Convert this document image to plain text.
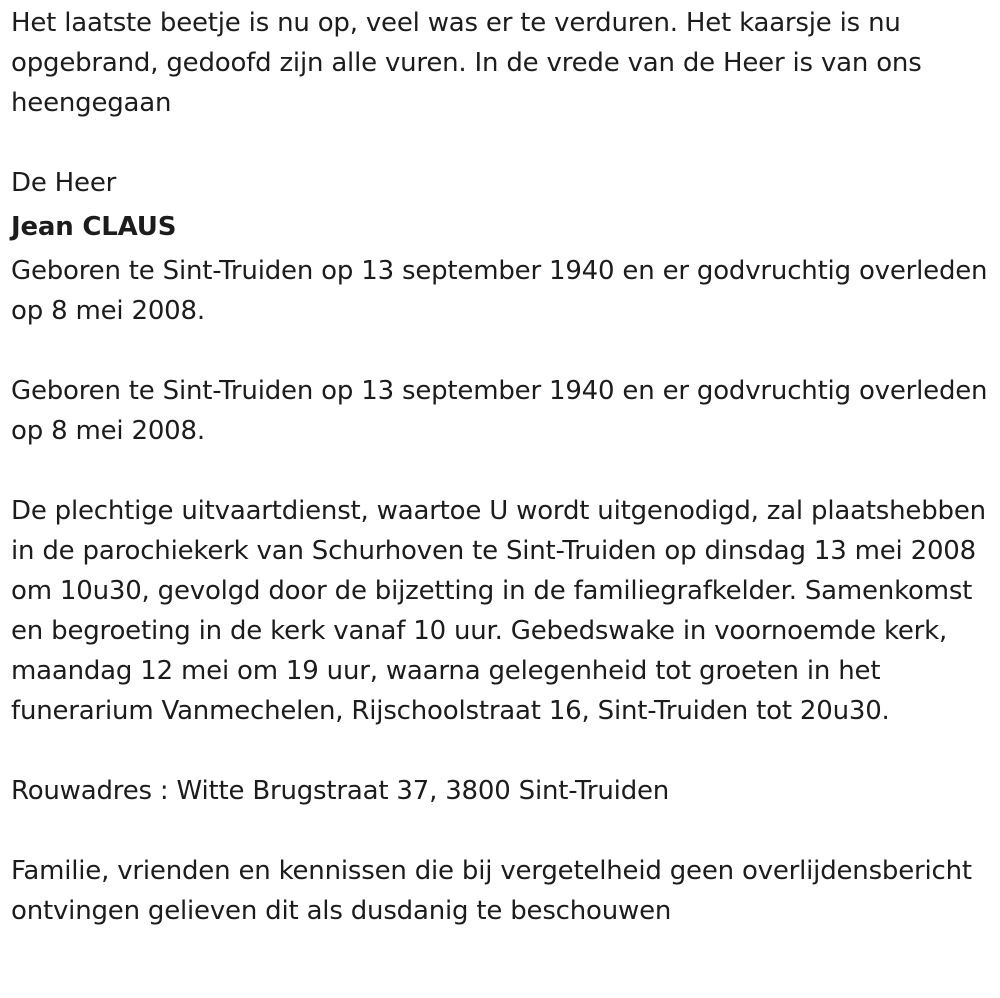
Het laatste beetje is nu op, veel was er te verduren. Het kaarsje is nu opgebrand, gedoofd zijn alle vuren. In de vrede van de Heer is van ons heengegaan

De Heer

Jean CLAUS

Geboren te Sint-Truiden op 13 september 1940 en er godvruchtig overleden op 8 mei 2008.

Geboren te Sint-Truiden op 13 september 1940 en er godvruchtig overleden op 8 mei 2008.

De plechtige uitvaartdienst, waartoe U wordt uitgenodigd, zal plaatshebben in de parochiekerk van Schurhoven te Sint-Truiden op dinsdag 13 mei 2008 om 10u30, gevolgd door de bijzetting in de familiegrafkelder. Samenkomst en begroeting in de kerk vanaf 10 uur. Gebedswake in voornoemde kerk, maandag 12 mei om 19 uur, waarna gelegenheid tot groeten in het funerarium Vanmechelen, Rijschoolstraat 16, Sint-Truiden tot 20u30.

Rouwadres : Witte Brugstraat 37, 3800 Sint-Truiden

Familie, vrienden en kennissen die bij vergetelheid geen overlijdensbericht ontvingen gelieven dit als dusdanig te beschouwen
